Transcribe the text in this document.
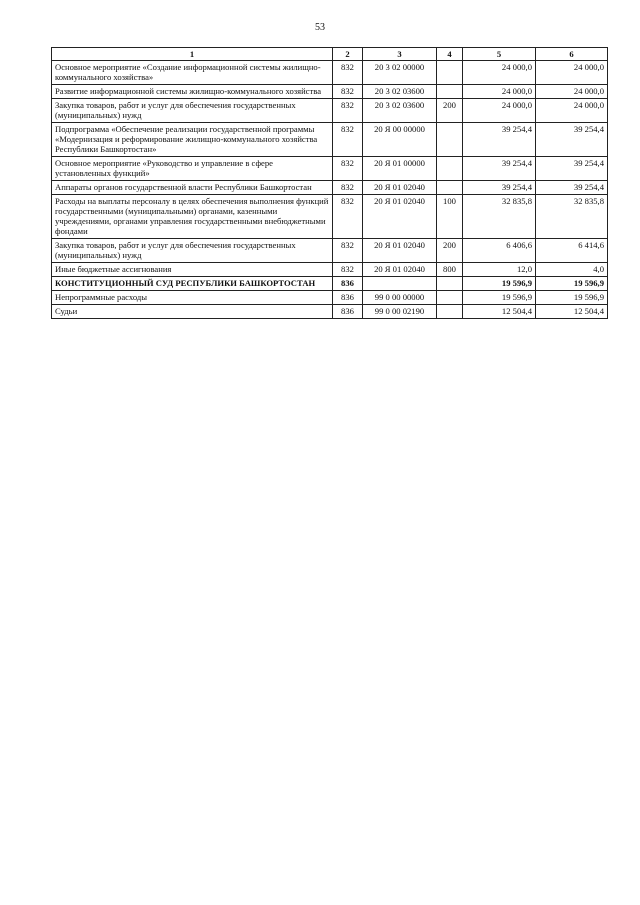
53
1	2	3	4	5	6
Основное мероприятие «Создание информационной системы жилищно-коммунального хозяйства»	832	20 3 02 00000		24 000,0	24 000,0
Развитие информационной системы жилищно-коммунального хозяйства	832	20 3 02 03600		24 000,0	24 000,0
Закупка товаров, работ и услуг для обеспечения государственных (муниципальных) нужд	832	20 3 02 03600	200	24 000,0	24 000,0
Подпрограмма «Обеспечение реализации государственной программы «Модернизация и реформирование жилищно-коммунального хозяйства Республики Башкортостан»	832	20 Я 00 00000		39 254,4	39 254,4
Основное мероприятие «Руководство и управление в сфере установленных функций»	832	20 Я 01 00000		39 254,4	39 254,4
Аппараты органов государственной власти Республики Башкортостан	832	20 Я 01 02040		39 254,4	39 254,4
Расходы на выплаты персоналу в целях обеспечения выполнения функций государственными (муниципальными) органами, казенными учреждениями, органами управления государственными внебюджетными фондами	832	20 Я 01 02040	100	32 835,8	32 835,8
Закупка товаров, работ и услуг для обеспечения государственных (муниципальных) нужд	832	20 Я 01 02040	200	6 406,6	6 414,6
Иные бюджетные ассигнования	832	20 Я 01 02040	800	12,0	4,0
КОНСТИТУЦИОННЫЙ СУД РЕСПУБЛИКИ БАШКОРТОСТАН	836			19 596,9	19 596,9
Непрограммные расходы	836	99 0 00 00000		19 596,9	19 596,9
Судьи	836	99 0 00 02190		12 504,4	12 504,4
